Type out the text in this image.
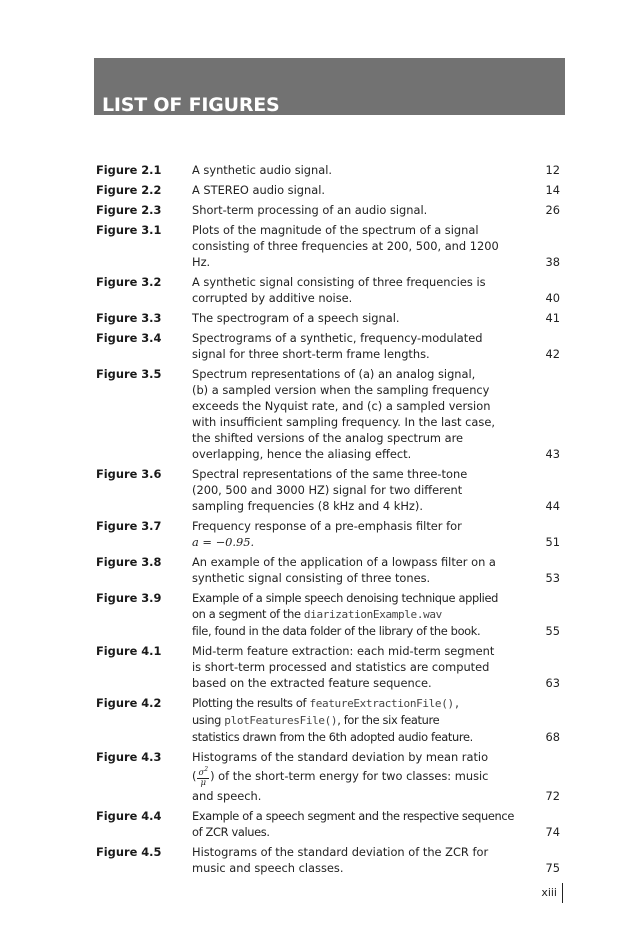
LIST OF FIGURES
Figure 2.1	A synthetic audio signal.	12
Figure 2.2	A STEREO audio signal.	14
Figure 2.3	Short-term processing of an audio signal.	26
Figure 3.1	Plots of the magnitude of the spectrum of a signal
consisting of three frequencies at 200, 500, and 1200 Hz.	38
Figure 3.2	A synthetic signal consisting of three frequencies is
corrupted by additive noise.	40
Figure 3.3	The spectrogram of a speech signal.	41
Figure 3.4	Spectrograms of a synthetic, frequency-modulated
signal for three short-term frame lengths.	42
Figure 3.5	Spectrum representations of (a) an analog signal,
(b) a sampled version when the sampling frequency
exceeds the Nyquist rate, and (c) a sampled version
with insufficient sampling frequency. In the last case,
the shifted versions of the analog spectrum are
overlapping, hence the aliasing effect.	43
Figure 3.6	Spectral representations of the same three-tone
(200, 500 and 3000 HZ) signal for two different
sampling frequencies (8 kHz and 4 kHz).	44
Figure 3.7	Frequency response of a pre-emphasis filter for
a = −0.95.	51
Figure 3.8	An example of the application of a lowpass filter on a
synthetic signal consisting of three tones.	53
Figure 3.9	Example of a simple speech denoising technique applied
on a segment of the diarizationExample.wav
file, found in the data folder of the library of the book.	55
Figure 4.1	Mid-term feature extraction: each mid-term segment
is short-term processed and statistics are computed
based on the extracted feature sequence.	63
Figure 4.2	Plotting the results of featureExtractionFile(),
using plotFeaturesFile(), for the six feature
statistics drawn from the 6th adopted audio feature.	68
Figure 4.3	Histograms of the standard deviation by mean ratio
( $\frac{\sigma^2}{\mu}$ ) of the short-term energy for two classes: music
and speech.	72
Figure 4.4	Example of a speech segment and the respective sequence
of ZCR values.	74
Figure 4.5	Histograms of the standard deviation of the ZCR for
music and speech classes.	75
xiii
